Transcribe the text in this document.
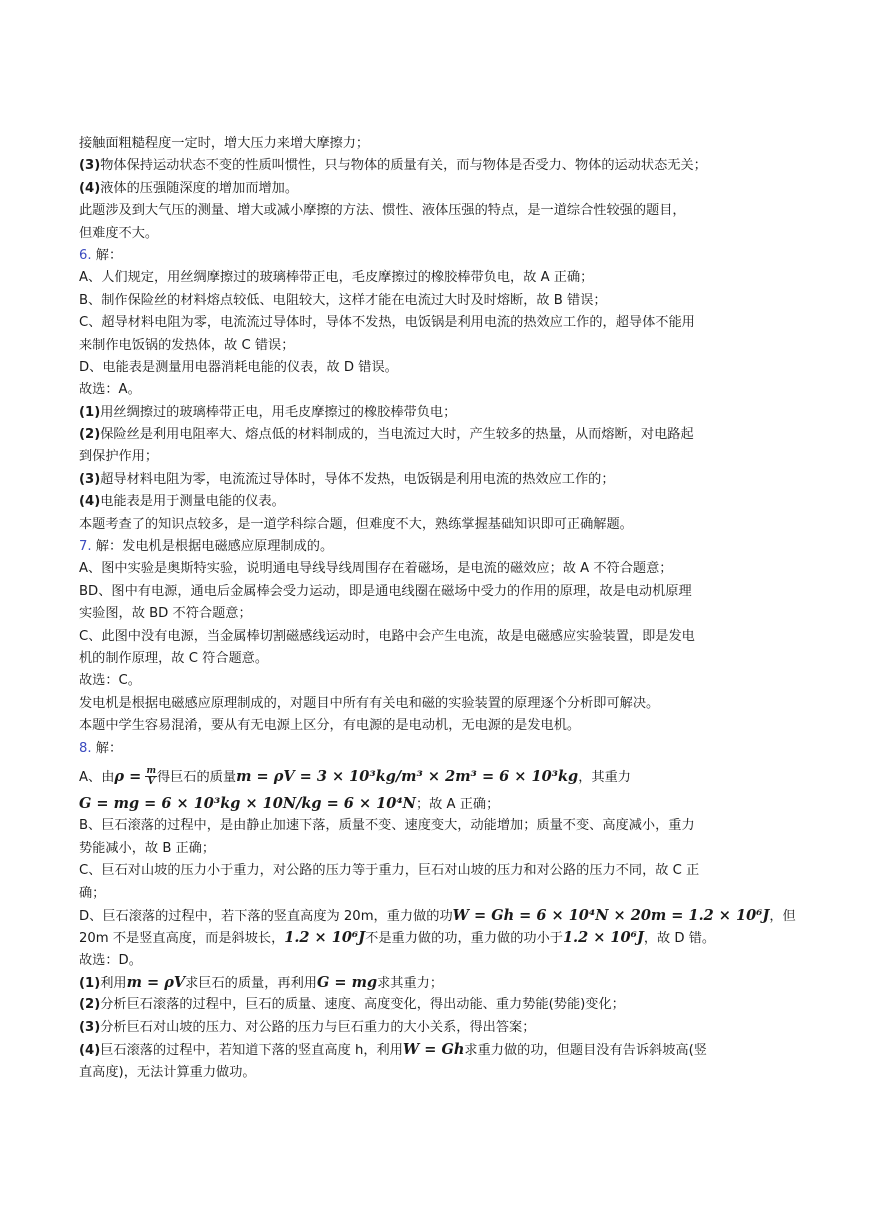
接触面粗糙程度一定时，增大压力来增大摩擦力；
(3)物体保持运动状态不变的性质叫惯性，只与物体的质量有关，而与物体是否受力、物体的运动状态无关；
(4)液体的压强随深度的增加而增加。
此题涉及到大气压的测量、增大或减小摩擦的方法、惯性、液体压强的特点，是一道综合性较强的题目，
但难度不大。
6. 解：
A、人们规定，用丝绸摩擦过的玻璃棒带正电，毛皮摩擦过的橡胶棒带负电，故 A 正确；
B、制作保险丝的材料熔点较低、电阻较大，这样才能在电流过大时及时熔断，故 B 错误；
C、超导材料电阻为零，电流流过导体时，导体不发热，电饭锅是利用电流的热效应工作的，超导体不能用
来制作电饭锅的发热体，故 C 错误；
D、电能表是测量用电器消耗电能的仪表，故 D 错误。
故选：A。
(1)用丝绸擦过的玻璃棒带正电，用毛皮摩擦过的橡胶棒带负电；
(2)保险丝是利用电阻率大、熔点低的材料制成的，当电流过大时，产生较多的热量，从而熔断，对电路起
到保护作用；
(3)超导材料电阻为零，电流流过导体时，导体不发热，电饭锅是利用电流的热效应工作的；
(4)电能表是用于测量电能的仪表。
本题考查了的知识点较多，是一道学科综合题，但难度不大，熟练掌握基础知识即可正确解题。
7. 解：发电机是根据电磁感应原理制成的。
A、图中实验是奥斯特实验，说明通电导线导线周围存在着磁场，是电流的磁效应；故 A 不符合题意；
BD、图中有电源，通电后金属棒会受力运动，即是通电线圈在磁场中受力的作用的原理，故是电动机原理
实验图，故 BD 不符合题意；
C、此图中没有电源，当金属棒切割磁感线运动时，电路中会产生电流，故是电磁感应实验装置，即是发电
机的制作原理，故 C 符合题意。
故选：C。
发电机是根据电磁感应原理制成的，对题目中所有有关电和磁的实验装置的原理逐个分析即可解决。
本题中学生容易混淆，要从有无电源上区分，有电源的是电动机，无电源的是发电机。
8. 解：
A、由$\rho = \frac{m}{V}$ 得巨石的质量m = ρV = 3 × 10³kg/m³ × 2m³ = 6 × 10³kg，其重力
G = mg = 6 × 10³kg × 10N/kg = 6 × 10⁴N；故 A 正确；
B、巨石滚落的过程中，是由静止加速下落，质量不变、速度变大，动能增加；质量不变、高度减小，重力
势能减小，故 B 正确；
C、巨石对山坡的压力小于重力，对公路的压力等于重力，巨石对山坡的压力和对公路的压力不同，故 C 正
确；
D、巨石滚落的过程中，若下落的竖直高度为 20m，重力做的功W = Gh = 6 × 10⁴N × 20m = 1.2 × 10⁶J，但
20m 不是竖直高度，而是斜坡长，1.2 × 10⁶J不是重力做的功，重力做的功小于1.2 × 10⁶J，故 D 错。
故选：D。
(1)利用m = ρV求巨石的质量，再利用G = mg求其重力；
(2)分析巨石滚落的过程中，巨石的质量、速度、高度变化，得出动能、重力势能(势能)变化；
(3)分析巨石对山坡的压力、对公路的压力与巨石重力的大小关系，得出答案；
(4)巨石滚落的过程中，若知道下落的竖直高度 h，利用W = Gh求重力做的功，但题目没有告诉斜坡高(竖
直高度)，无法计算重力做功。
